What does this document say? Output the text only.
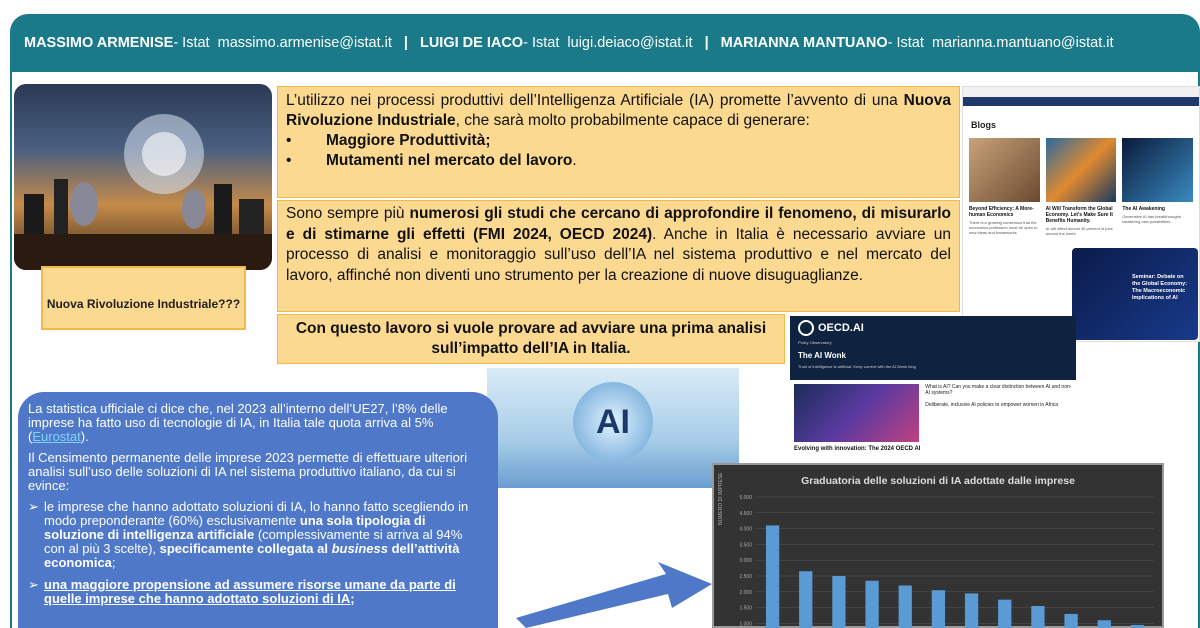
MASSIMO ARMENISE - Istat
massimo.armenise@istat.it | LUIGI DE IACO - Istat
luigi.deiaco@istat.it | MARIANNA MANTUANO - Istat
marianna.mantuano@istat.it
Nuova Rivoluzione Industriale???
L’utilizzo nei processi produttivi dell’Intelligenza Artificiale (IA) promette l’avvento di una Nuova Rivoluzione Industriale, che sarà molto probabilmente capace di generare:
•	Maggiore Produttività;
•	Mutamenti nel mercato del lavoro.
Sono sempre più numerosi gli studi che cercano di approfondire il fenomeno, di misurarlo e di stimarne gli effetti (FMI 2024, OECD 2024). Anche in Italia è necessario avviare un processo di analisi e monitoraggio sull’uso dell’IA nel sistema produttivo e nel mercato del lavoro, affinché non diventi uno strumento per la creazione di nuove disuguaglianze.
Con questo lavoro si vuole provare ad avviare una prima analisi sull’impatto dell’IA in Italia.
Blogs
Beyond Efficiency: A More-human Economics
There is a growing consensus that the economics profession must be open to new ideas and frameworks
AI Will Transform the Global Economy. Let's Make Sure It Benefits Humanity.
AI will affect almost 40 percent of jobs around the world
The AI Awakening
Generative AI has breakthroughs tantalizing new possibilities
Seminar: Debate on the Global Economy: The Macroeconomic Implications of AI
OECD.AI
Policy Observatory
The AI Wonk
Trust of intelligence is artificial. Keep current with the AI Wonk blog
What is AI? Can you make a clear distinction between AI and non-AI systems?
Deliberate, inclusive AI policies to empower women in Africa
Evolving with innovation: The 2024 OECD AI
AI

La statistica ufficiale ci dice che, nel 2023 all’interno dell’UE27, l’8% delle imprese ha fatto uso di tecnologie di IA, in Italia tale quota arriva al 5% (Eurostat).

Il Censimento permanente delle imprese 2023 permette di effettuare ulteriori analisi sull’uso delle soluzioni di IA nel sistema produttivo italiano, da cui si evince:

➢ le imprese che hanno adottato soluzioni di IA, lo hanno fatto scegliendo in modo preponderante (60%) esclusivamente una sola tipologia di soluzione di intelligenza artificiale (complessivamente si arriva al 94% con al più 3 scelte), specificamente collegata al business dell’attività economica;
➢ una maggiore propensione ad assumere risorse umane da parte di quelle imprese che hanno adottato soluzioni di IA;
Graduatoria delle soluzioni di IA adottate dalle imprese
NUMERO DI IMPRESE	5.000
4.500
4.000
3.500
3.000
2.500
2.000
1.500
1.000
